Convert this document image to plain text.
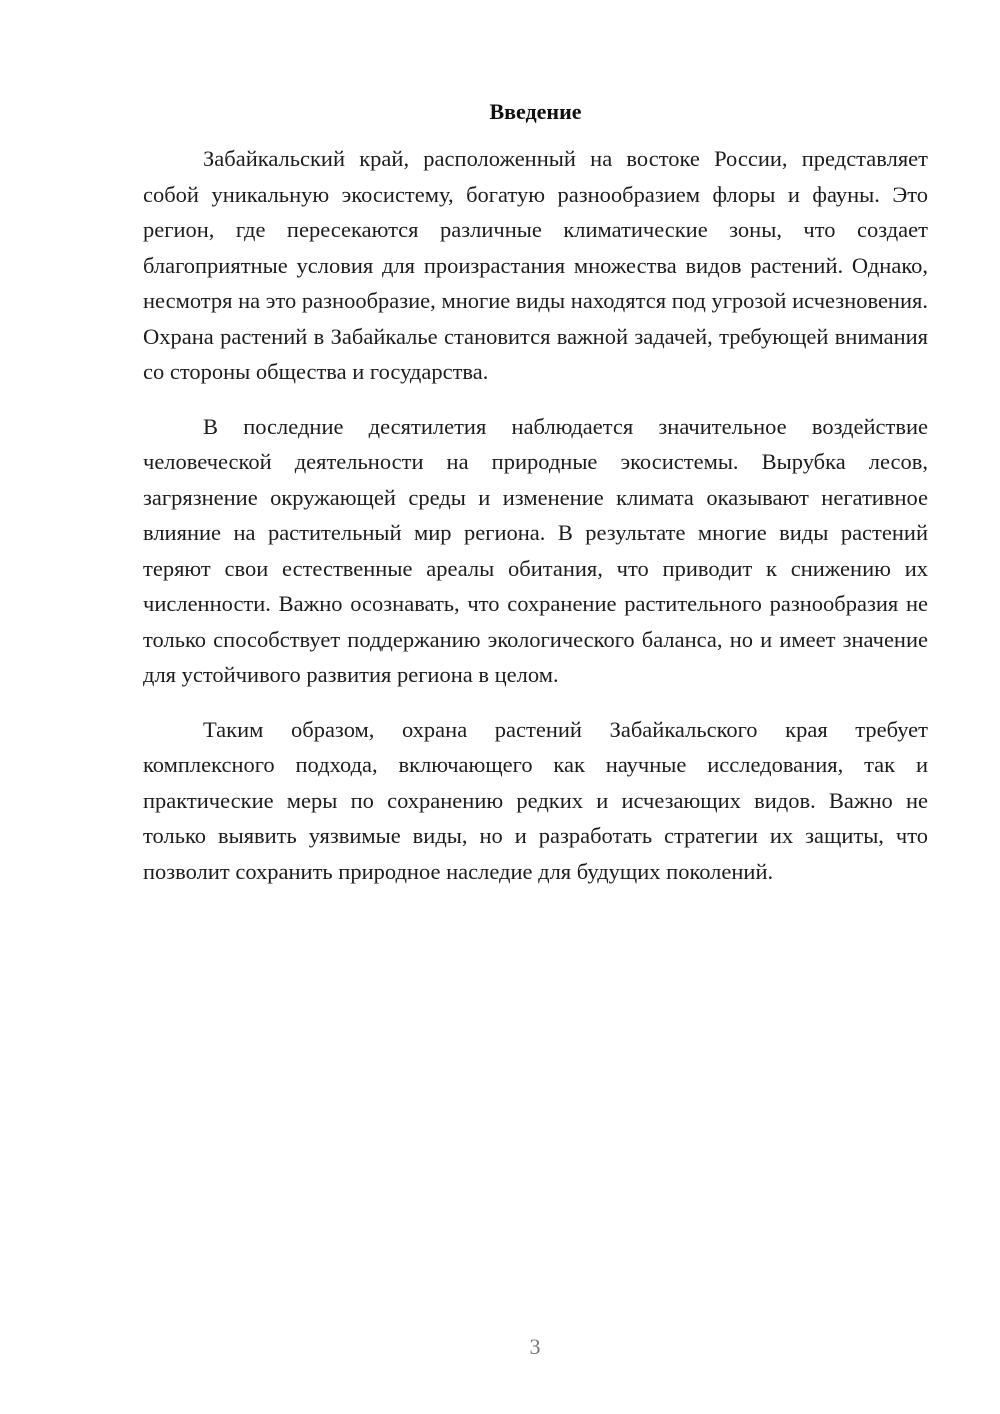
Введение

Забайкальский край, расположенный на востоке России, представляет собой уникальную экосистему, богатую разнообразием флоры и фауны. Это регион, где пересекаются различные климатические зоны, что создает благоприятные условия для произрастания множества видов растений. Однако, несмотря на это разнообразие, многие виды находятся под угрозой исчезновения. Охрана растений в Забайкалье становится важной задачей, требующей внимания со стороны общества и государства.

В последние десятилетия наблюдается значительное воздействие человеческой деятельности на природные экосистемы. Вырубка лесов, загрязнение окружающей среды и изменение климата оказывают негативное влияние на растительный мир региона. В результате многие виды растений теряют свои естественные ареалы обитания, что приводит к снижению их численности. Важно осознавать, что сохранение растительного разнообразия не только способствует поддержанию экологического баланса, но и имеет значение для устойчивого развития региона в целом.

Таким образом, охрана растений Забайкальского края требует комплексного подхода, включающего как научные исследования, так и практические меры по сохранению редких и исчезающих видов. Важно не только выявить уязвимые виды, но и разработать стратегии их защиты, что позволит сохранить природное наследие для будущих поколений.

3
